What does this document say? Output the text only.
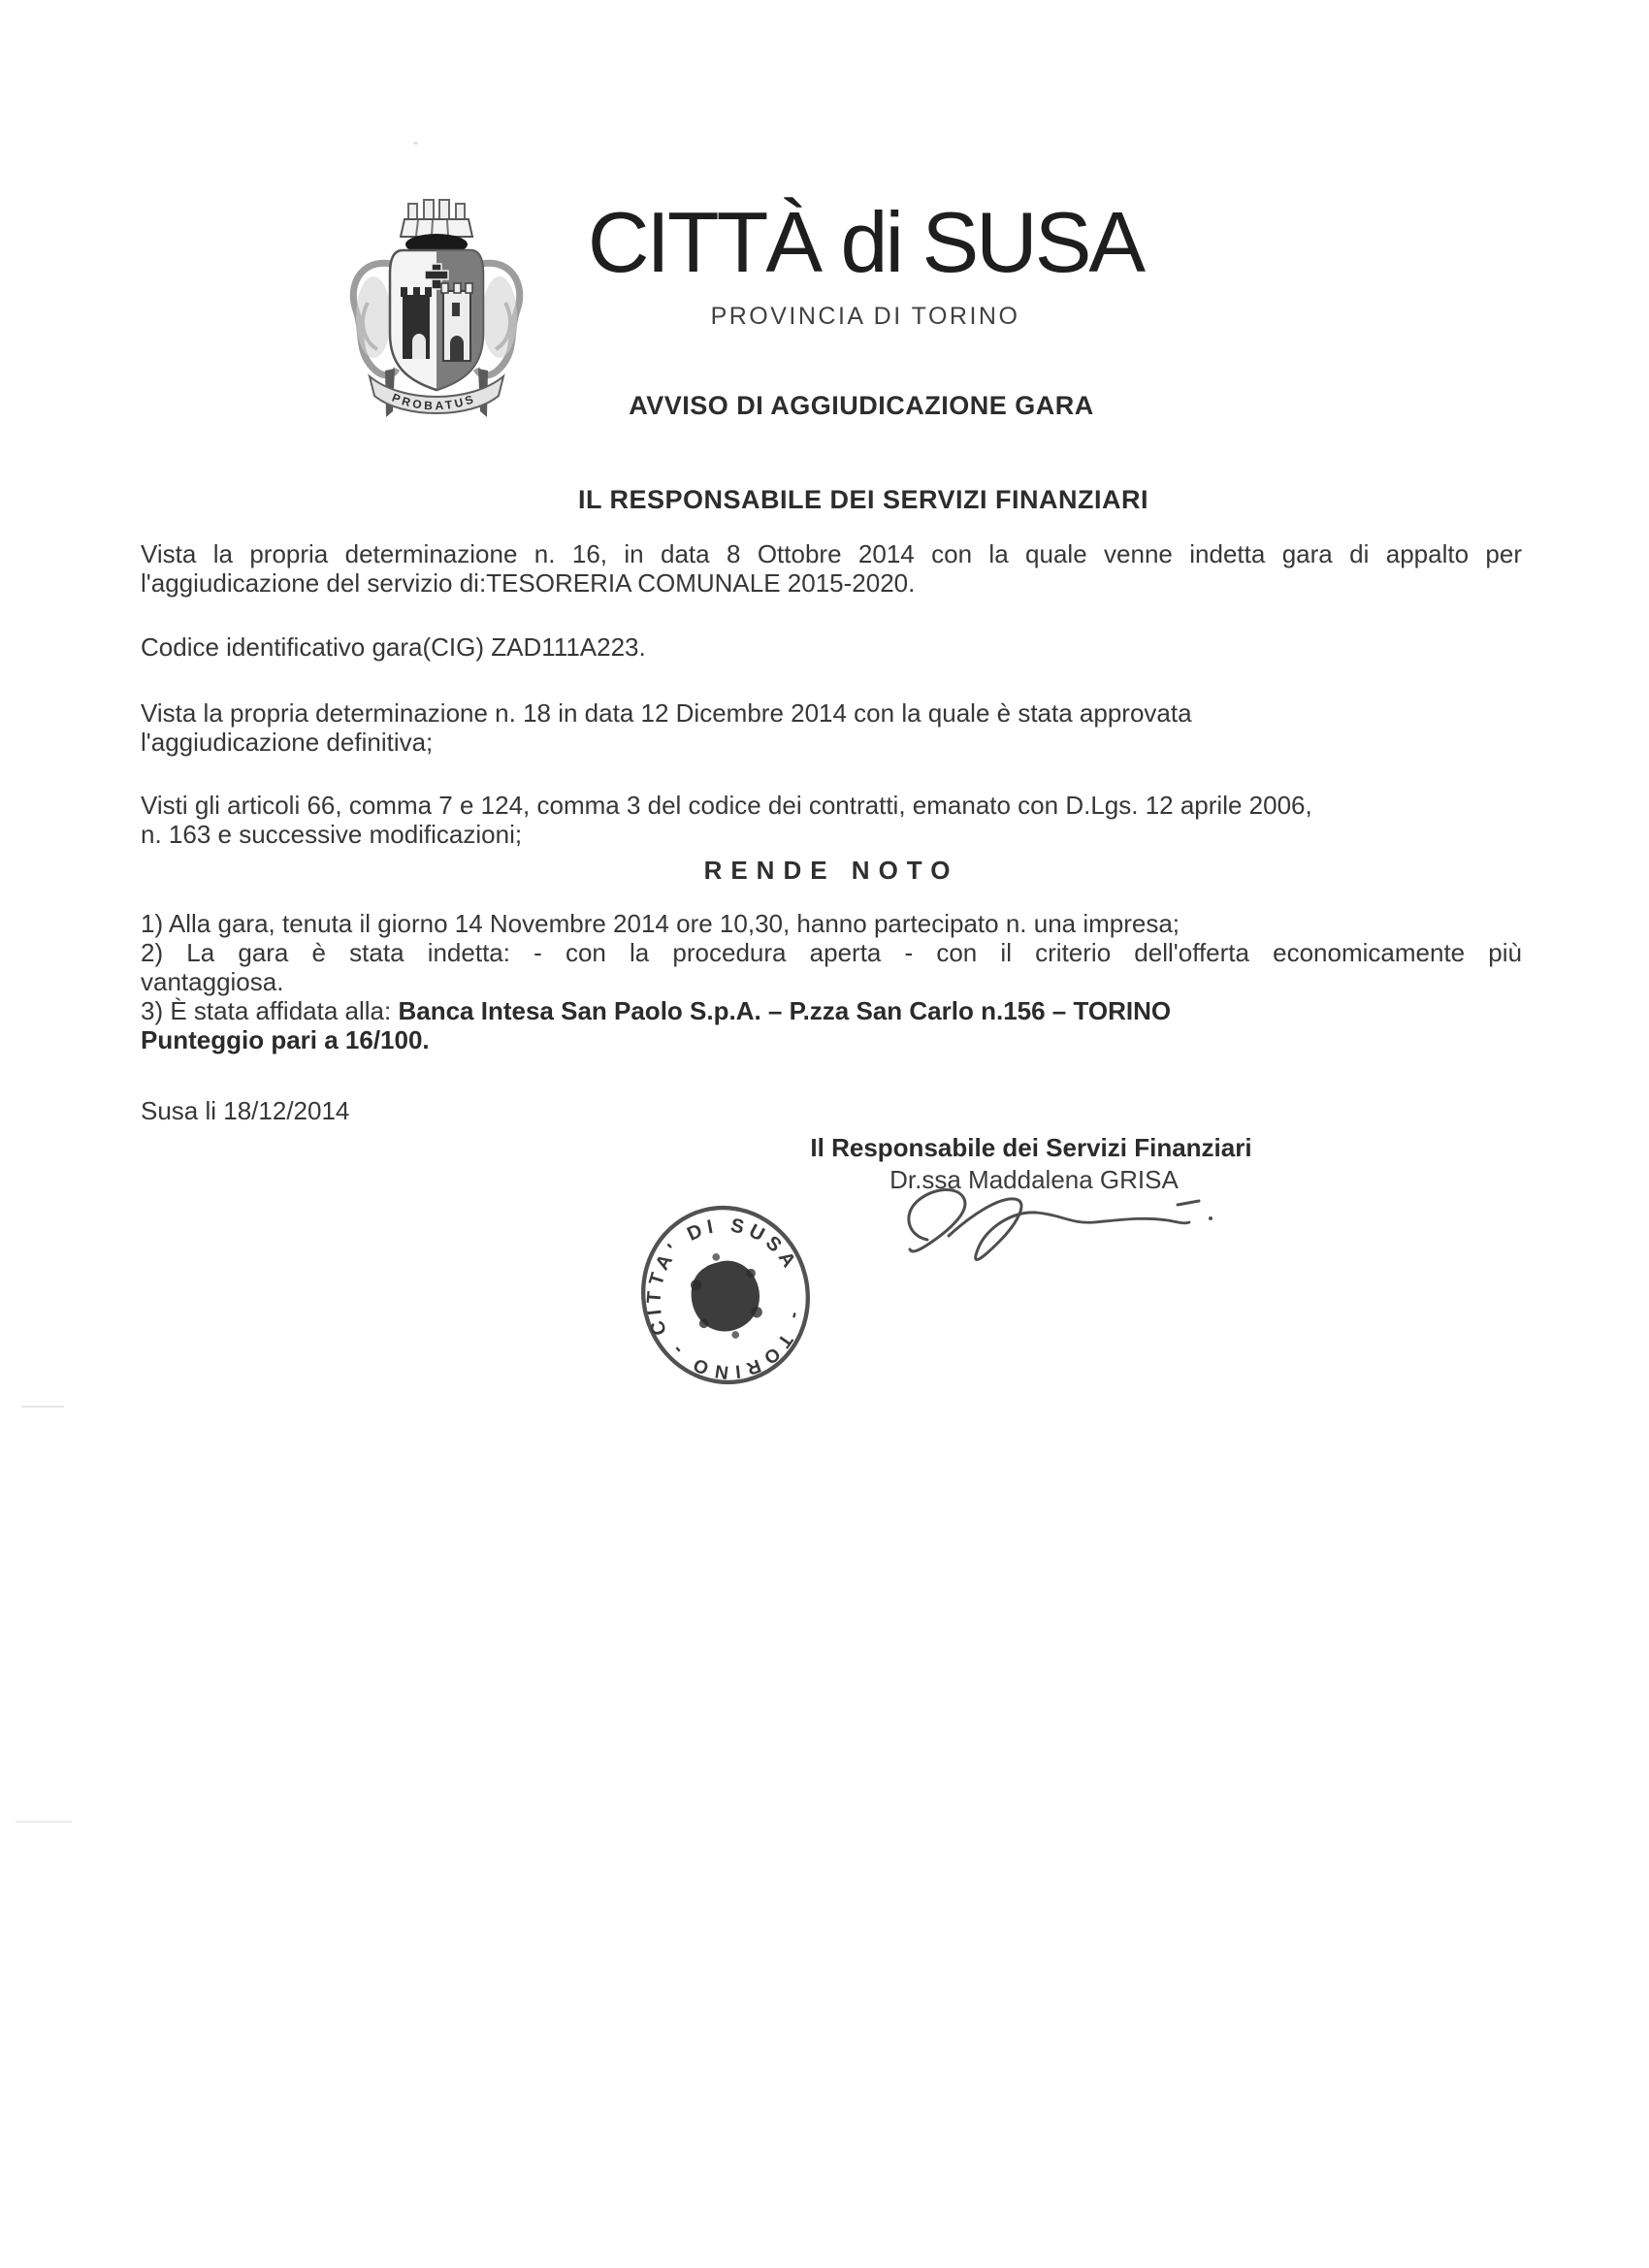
PROBATUS
CITTÀ di SUSA
PROVINCIA DI TORINO
AVVISO DI AGGIUDICAZIONE GARA
IL RESPONSABILE DEI SERVIZI FINANZIARI
Vista la propria determinazione n. 16, in data 8 Ottobre 2014 con la quale venne indetta gara di appalto per
l'aggiudicazione del servizio di:TESORERIA COMUNALE 2015-2020.
Codice identificativo gara(CIG) ZAD111A223.
Vista la propria determinazione n. 18 in data 12 Dicembre 2014 con la quale è stata approvata
l'aggiudicazione definitiva;
Visti gli articoli 66, comma 7 e 124, comma 3 del codice dei contratti, emanato con D.Lgs. 12 aprile 2006,
n. 163 e successive modificazioni;
RENDE NOTO
1) Alla gara, tenuta il giorno 14 Novembre 2014 ore 10,30, hanno partecipato n. una impresa;
2) La gara è stata indetta: - con la procedura aperta - con il criterio dell'offerta economicamente più
vantaggiosa.
3) È stata affidata alla: Banca Intesa San Paolo S.p.A. – P.zza San Carlo n.156 – TORINO
Punteggio pari a 16/100.
Susa li 18/12/2014
Il Responsabile dei Servizi Finanziari
Dr.ssa Maddalena GRISA
CITTA' DI SUSA
- TORINO -
